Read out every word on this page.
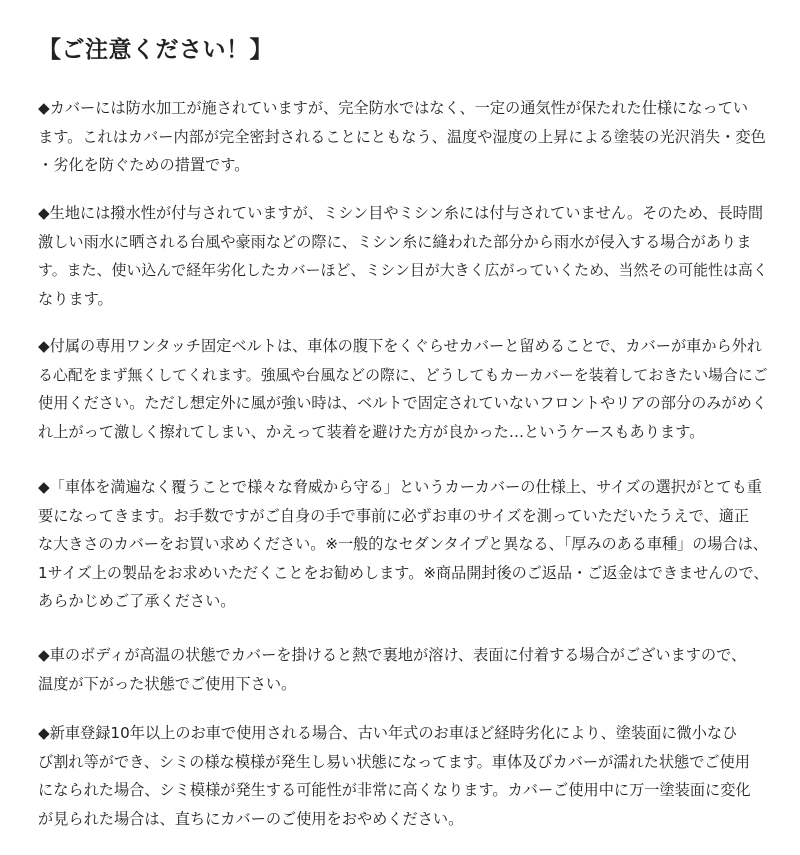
【ご注意ください！】

◆カバーには防水加工が施されていますが、完全防水ではなく、一定の通気性が保たれた仕様になってい
ます。これはカバー内部が完全密封されることにともなう、温度や湿度の上昇による塗装の光沢消失・変色
・劣化を防ぐための措置です。

◆生地には撥水性が付与されていますが、ミシン目やミシン糸には付与されていません。そのため、長時間
激しい雨水に晒される台風や豪雨などの際に、ミシン糸に縫われた部分から雨水が侵入する場合がありま
す。また、使い込んで経年劣化したカバーほど、ミシン目が大きく広がっていくため、当然その可能性は高く
なります。

◆付属の専用ワンタッチ固定ベルトは、車体の腹下をくぐらせカバーと留めることで、カバーが車から外れ
る心配をまず無くしてくれます。強風や台風などの際に、どうしてもカーカバーを装着しておきたい場合にご
使用ください。ただし想定外に風が強い時は、ベルトで固定されていないフロントやリアの部分のみがめく
れ上がって激しく擦れてしまい、かえって装着を避けた方が良かった…というケースもあります。

◆「車体を満遍なく覆うことで様々な脅威から守る」というカーカバーの仕様上、サイズの選択がとても重
要になってきます。お手数ですがご自身の手で事前に必ずお車のサイズを測っていただいたうえで、適正
な大きさのカバーをお買い求めください。※一般的なセダンタイプと異なる、「厚みのある車種」の場合は、
1サイズ上の製品をお求めいただくことをお勧めします。※商品開封後のご返品・ご返金はできませんので、
あらかじめご了承ください。

◆車のボディが高温の状態でカバーを掛けると熱で裏地が溶け、表面に付着する場合がございますので、
温度が下がった状態でご使用下さい。

◆新車登録10年以上のお車で使用される場合、古い年式のお車ほど経時劣化により、塗装面に微小なひ
び割れ等ができ、シミの様な模様が発生し易い状態になってます。車体及びカバーが濡れた状態でご使用
になられた場合、シミ模様が発生する可能性が非常に高くなります。カバーご使用中に万一塗装面に変化
が見られた場合は、直ちにカバーのご使用をおやめください。
